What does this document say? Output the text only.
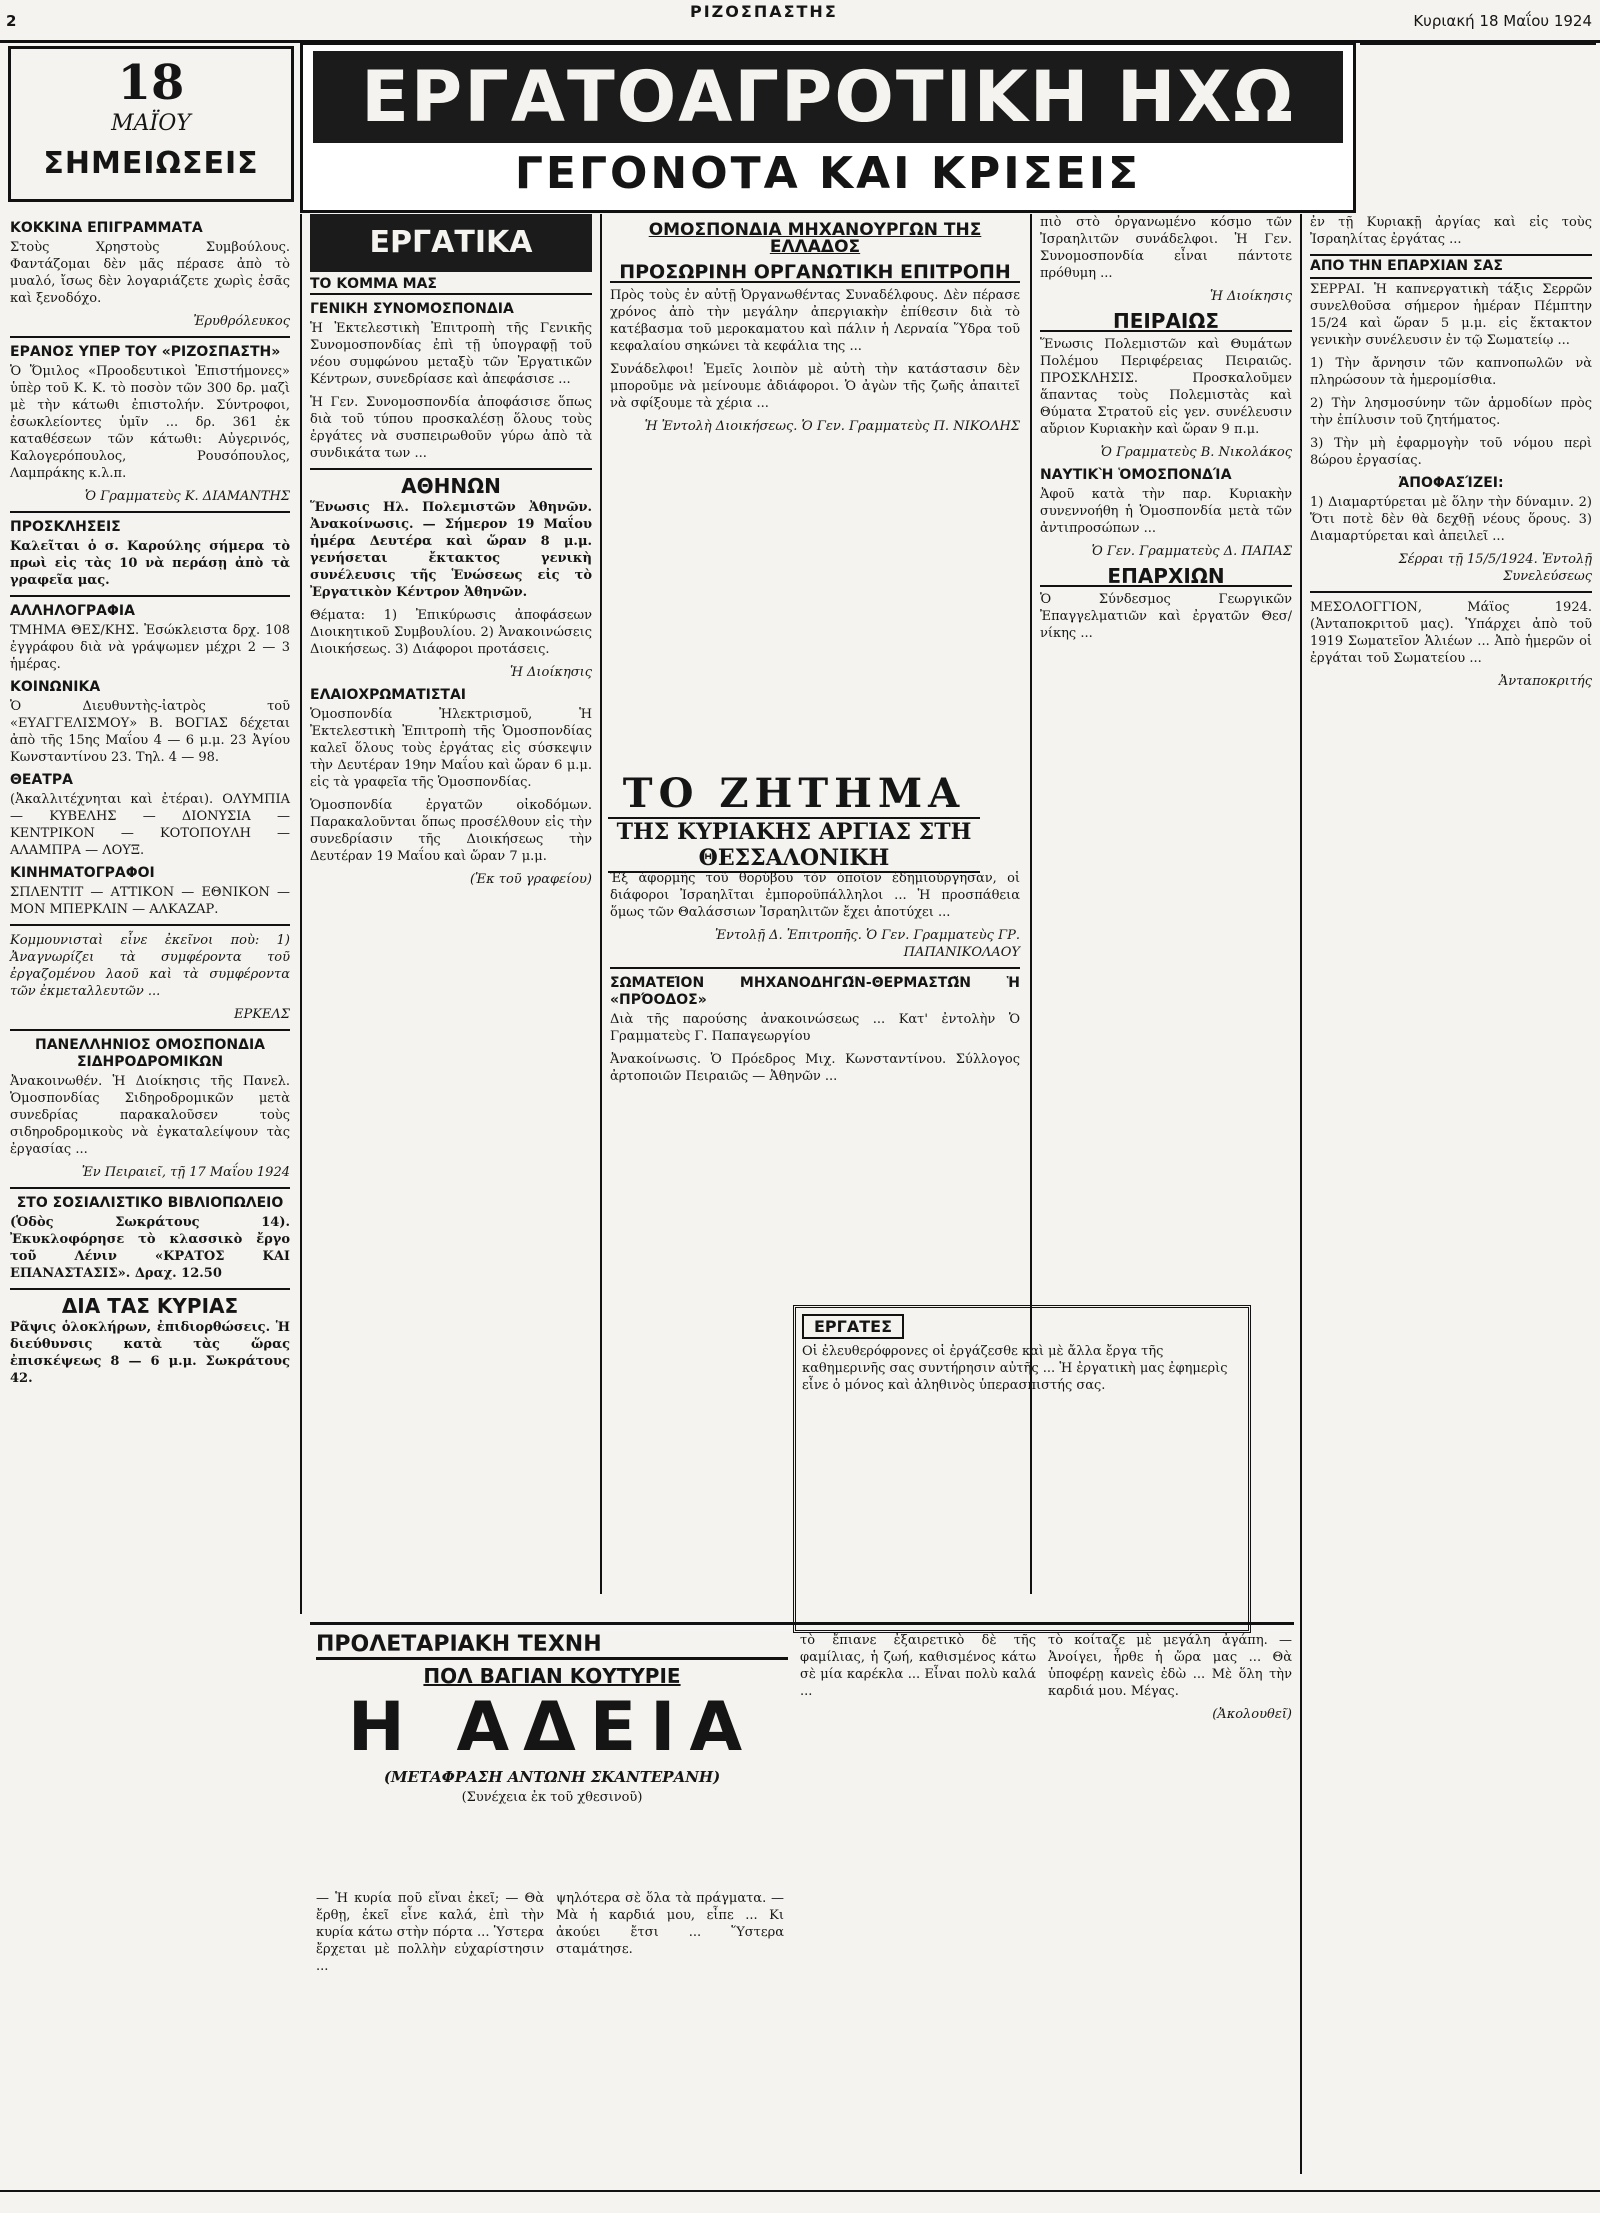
2	ΡΙΖΟΣΠΑΣΤΗΣ	Κυριακή 18 Μαΐου 1924
18
ΜΑΪΟΥ
ΣΗΜΕΙΩΣΕΙΣ
ΕΡΓΑΤΟΑΓΡΟΤΙΚΗ ΗΧΩ
ΓΕΓΟΝΟΤΑ ΚΑΙ ΚΡΙΣΕΙΣ
ΚΟΚΚΙΝΑ ΕΠΙΓΡΑΜΜΑΤΑ

Στοὺς Χρηστοὺς Συμβούλους. Φαντάζομαι δὲν μᾶς πέρασε ἀπὸ τὸ μυαλό, ἴσως δὲν λογαριάζετε χωρὶς ἐσᾶς καὶ ξενοδόχο.

Ἐρυθρόλευκος
ΕΡΑΝΟΣ ΥΠΕΡ ΤΟΥ «ΡΙΖΟΣΠΑΣΤΗ»

Ὁ Ὅμιλος «Προοδευτικοὶ Ἐπιστήμονες» ὑπὲρ τοῦ Κ. Κ. τὸ ποσὸν τῶν 300 δρ. μαζὶ μὲ τὴν κάτωθι ἐπιστολήν. Σύντροφοι, ἐσωκλείοντες ὑμῖν ... δρ. 361 ἐκ καταθέσεων τῶν κάτωθι: Αὐγερινός, Καλογερόπουλος, Ρουσόπουλος, Λαμπράκης κ.λ.π.

Ὁ Γραμματεὺς Κ. ΔΙΑΜΑΝΤΗΣ
ΠΡΟΣΚΛΗΣΕΙΣ

Καλεῖται ὁ σ. Καρούλης σήμερα τὸ πρωὶ εἰς τὰς 10 νὰ περάσῃ ἀπὸ τὰ γραφεῖα μας.

ΑΛΛΗΛΟΓΡΑΦΙΑ

ΤΜΗΜΑ ΘΕΣ/ΚΗΣ. Ἐσώκλειστα δρχ. 108 ἐγγράφου διὰ νὰ γράψωμεν μέχρι 2 — 3 ἡμέρας.

ΚΟΙΝΩΝΙΚΑ

Ὁ Διευθυντὴς-ἰατρὸς τοῦ «ΕΥΑΓΓΕΛΙΣΜΟΥ» Β. ΒΟΓΙΑΣ δέχεται ἀπὸ τῆς 15ης Μαΐου 4 — 6 μ.μ. 23 Ἀγίου Κωνσταντίνου 23. Τηλ. 4 — 98.

ΘΕΑΤΡΑ

(Ἀκαλλιτέχνηται καὶ ἐτέραι). ΟΛΥΜΠΙΑ — ΚΥΒΕΛΗΣ — ΔΙΟΝΥΣΙΑ — ΚΕΝΤΡΙΚΟΝ — ΚΟΤΟΠΟΥΛΗ — ΑΛΑΜΠΡΑ — ΛΟΥΞ.

ΚΙΝΗΜΑΤΟΓΡΑΦΟΙ

ΣΠΛΕΝΤΙΤ — ΑΤΤΙΚΟΝ — ΕΘΝΙΚΟΝ — ΜΟΝ ΜΠΕΡΚΛΙΝ — ΑΛΚΑΖΑΡ.

Κομμουνισταὶ εἶνε ἐκεῖνοι ποὺ: 1) Ἀναγνωρίζει τὰ συμφέροντα τοῦ ἐργαζομένου λαοῦ καὶ τὰ συμφέροντα τῶν ἐκμεταλλευτῶν ...

ΕΡΚΕΛΣ
ΠΑΝΕΛΛΗΝΙΟΣ ΟΜΟΣΠΟΝΔΙΑ ΣΙΔΗΡΟΔΡΟΜΙΚΩΝ

Ἀνακοινωθέν. Ἡ Διοίκησις τῆς Πανελ. Ὁμοσπονδίας Σιδηροδρομικῶν μετὰ συνεδρίας παρακαλοῦσεν τοὺς σιδηροδρομικοὺς νὰ ἐγκαταλείψουν τὰς ἐργασίας ...

Ἐν Πειραιεῖ, τῇ 17 Μαΐου 1924
ΣΤΟ ΣΟΣΙΑΛΙΣΤΙΚΟ ΒΙΒΛΙΟΠΩΛΕΙΟ

(Ὁδὸς Σωκράτους 14). Ἐκυκλοφόρησε τὸ κλασσικὸ ἔργο τοῦ Λένιν «ΚΡΑΤΟΣ ΚΑΙ ΕΠΑΝΑΣΤΑΣΙΣ». Δραχ. 12.50

ΔΙΑ ΤΑΣ ΚΥΡΙΑΣ

Ρᾶψις ὁλοκλήρων, ἐπιδιορθώσεις. Ἡ διεύθυνσις κατὰ τὰς ὥρας ἐπισκέψεως 8 — 6 μ.μ. Σωκράτους 42.

ΕΡΓΑΤΙΚΑ
ΤΟ ΚΟΜΜΑ ΜΑΣ
ΓΕΝΙΚΗ ΣΥΝΟΜΟΣΠΟΝΔΙΑ

Ἡ Ἐκτελεστικὴ Ἐπιτροπὴ τῆς Γενικῆς Συνομοσπονδίας ἐπὶ τῇ ὑπογραφῇ τοῦ νέου συμφώνου μεταξὺ τῶν Ἐργατικῶν Κέντρων, συνεδρίασε καὶ ἀπεφάσισε ...

Ἡ Γεν. Συνομοσπονδία ἀποφάσισε ὅπως διὰ τοῦ τύπου προσκαλέσῃ ὅλους τοὺς ἐργάτες νὰ συσπειρωθοῦν γύρω ἀπὸ τὰ συνδικάτα των ...

ΑΘΗΝΩΝ

Ἕνωσις Ηλ. Πολεμιστῶν Ἀθηνῶν. Ἀνακοίνωσις. — Σήμερον 19 Μαΐου ἡμέρα Δευτέρα καὶ ὥραν 8 μ.μ. γενήσεται ἔκτακτος γενικὴ συνέλευσις τῆς Ἑνώσεως εἰς τὸ Ἐργατικὸν Κέντρον Ἀθηνῶν.

Θέματα: 1) Ἐπικύρωσις ἀποφάσεων Διοικητικοῦ Συμβουλίου. 2) Ἀνακοινώσεις Διοικήσεως. 3) Διάφοροι προτάσεις.

Ἡ Διοίκησις
ΕΛΑΙΟΧΡΩΜΑΤΙΣΤΑΙ

Ὁμοσπονδία Ἠλεκτρισμοῦ, Ἡ Ἐκτελεστικὴ Ἐπιτροπὴ τῆς Ὁμοσπονδίας καλεῖ ὅλους τοὺς ἐργάτας εἰς σύσκεψιν τὴν Δευτέραν 19ην Μαΐου καὶ ὥραν 6 μ.μ. εἰς τὰ γραφεῖα τῆς Ὁμοσπονδίας.

Ὁμοσπονδία ἐργατῶν οἰκοδόμων. Παρακαλοῦνται ὅπως προσέλθουν εἰς τὴν συνεδρίασιν τῆς Διοικήσεως τὴν Δευτέραν 19 Μαΐου καὶ ὥραν 7 μ.μ.

(Ἐκ τοῦ γραφείου)
ΟΜΟΣΠΟΝΔΙΑ ΜΗΧΑΝΟΥΡΓΩΝ ΤΗΣ ΕΛΛΑΔΟΣ
ΠΡΟΣΩΡΙΝΗ ΟΡΓΑΝΩΤΙΚΗ ΕΠΙΤΡΟΠΗ

Πρὸς τοὺς ἐν αὐτῇ Ὀργανωθέντας Συναδέλφους. Δὲν πέρασε χρόνος ἀπὸ τὴν μεγάλην ἀπεργιακὴν ἐπίθεσιν διὰ τὸ κατέβασμα τοῦ μεροκαματου καὶ πάλιν ἡ Λερναία Ὕδρα τοῦ κεφαλαίου σηκώνει τὰ κεφάλια της ...

Συνάδελφοι! Ἐμεῖς λοιπὸν μὲ αὐτὴ τὴν κατάστασιν δὲν μποροῦμε νὰ μείνουμε ἀδιάφοροι. Ὁ ἀγὼν τῆς ζωῆς ἀπαιτεῖ νὰ σφίξουμε τὰ χέρια ...

Ἡ Ἐντολὴ Διοικήσεως. Ὁ Γεν. Γραμματεὺς Π. ΝΙΚΟΛΗΣ
ΤΟ ΖΗΤΗΜΑ
ΤΗΣ ΚΥΡΙΑΚΗΣ ΑΡΓΙΑΣ ΣΤΗ ΘΕΣΣΑΛΟΝΙΚΗ

Ἐξ ἀφορμῆς τοῦ θορύβου τὸν ὁποῖον ἐδημιούργησαν, οἱ διάφοροι Ἰσραηλῖται ἐμποροϋπάλληλοι ... Ἡ προσπάθεια ὅμως τῶν Θαλάσσιων Ἰσραηλιτῶν ἔχει ἀποτύχει ...

Ἐντολῇ Δ. Ἐπιτροπῆς. Ὁ Γεν. Γραμματεὺς ΓΡ. ΠΑΠΑΝΙΚΟΛΑΟΥ
ΣΩΜΑΤΕΙ͂ΟΝ ΜΗΧΑΝΟΔΗΓΩ͂Ν-ΘΕΡΜΑΣΤΩ͂Ν Ἡ «ΠΡΌΟΔΟΣ»

Διὰ τῆς παρούσης ἀνακοινώσεως ... Κατ' ἐντολὴν Ὁ Γραμματεὺς Γ. Παπαγεωργίου

Ἀνακοίνωσις. Ὁ Πρόεδρος Μιχ. Κωνσταντίνου. Σύλλογος ἀρτοποιῶν Πειραιῶς — Ἀθηνῶν ...

πιὸ στὸ ὀργανωμένο κόσμο τῶν Ἰσραηλιτῶν συνάδελφοι. Ἡ Γεν. Συνομοσπονδία εἶναι πάντοτε πρόθυμη ...

Ἡ Διοίκησις
ΠΕΙΡΑΙΩΣ

Ἕνωσις Πολεμιστῶν καὶ Θυμάτων Πολέμου Περιφέρειας Πειραιῶς. ΠΡΟΣΚΛΗΣΙΣ. Προσκαλοῦμεν ἅπαντας τοὺς Πολεμιστὰς καὶ Θύματα Στρατοῦ εἰς γεν. συνέλευσιν αὔριον Κυριακὴν καὶ ὥραν 9 π.μ.

Ὁ Γραμματεὺς Β. Νικολάκος
ΝΑΥΤΙΚῊ ὉΜΟΣΠΟΝΔΊΑ

Ἀφοῦ κατὰ τὴν παρ. Κυριακὴν συνεννοήθη ἡ Ὁμοσπονδία μετὰ τῶν ἀντιπροσώπων ...

Ὁ Γεν. Γραμματεὺς Δ. ΠΑΠΑΣ
ΕΠΑΡΧΙΩΝ

Ὁ Σύνδεσμος Γεωργικῶν Ἐπαγγελματιῶν καὶ ἐργατῶν Θεσ/νίκης ...

ΕΡΓΑΤΕΣ

Οἱ ἐλευθερόφρονες οἱ ἐργάζεσθε καὶ μὲ ἄλλα ἔργα τῆς καθημερινῆς σας συντήρησιν αὐτῆς ... Ἡ ἐργατικὴ μας ἐφημερὶς εἶνε ὁ μόνος καὶ ἀληθινὸς ὑπερασπιστής σας.

ἐν τῇ Κυριακῇ ἀργίας καὶ εἰς τοὺς Ἰσραηλίτας ἐργάτας ...

ΑΠΟ ΤΗΝ ΕΠΑΡΧΙΑΝ ΣΑΣ

ΣΕΡΡΑΙ. Ἡ καπνεργατικὴ τάξις Σερρῶν συνελθοῦσα σήμερον ἡμέραν Πέμπτην 15/24 καὶ ὥραν 5 μ.μ. εἰς ἔκτακτον γενικὴν συνέλευσιν ἐν τῷ Σωματείῳ ...

1) Τὴν ἄρνησιν τῶν καπνοπωλῶν νὰ πληρώσουν τὰ ἡμερομίσθια.

2) Τὴν λησμοσύνην τῶν ἁρμοδίων πρὸς τὴν ἐπίλυσιν τοῦ ζητήματος.

3) Τὴν μὴ ἐφαρμογὴν τοῦ νόμου περὶ 8ώρου ἐργασίας.

ἈΠΟΦΑΣΊΖΕΙ:

1) Διαμαρτύρεται μὲ ὅλην τὴν δύναμιν. 2) Ὅτι ποτὲ δὲν θὰ δεχθῇ νέους ὅρους. 3) Διαμαρτύρεται καὶ ἀπειλεῖ ...

Σέρραι τῇ 15/5/1924. Ἐντολῇ Συνελεύσεως

ΜΕΣΟΛΟΓΓΙΟΝ, Μάϊος 1924. (Ἀνταποκριτοῦ μας). Ὑπάρχει ἀπὸ τοῦ 1919 Σωματεῖον Ἁλιέων ... Ἀπὸ ἡμερῶν οἱ ἐργάται τοῦ Σωματείου ...

Ἀνταποκριτής
ΠΡΟΛΕΤΑΡΙΑΚΗ ΤΕΧΝΗ
ΠΟΛ ΒΑΓΙΑΝ ΚΟΥΤΥΡΙΕ
Η ΑΔΕΙΑ
(ΜΕΤΑΦΡΑΣΗ ΑΝΤΩΝΗ ΣΚΑΝΤΕΡΑΝΗ)
(Συνέχεια ἐκ τοῦ χθεσινοῦ)

— Ἡ κυρία ποῦ εἴναι ἐκεῖ; — Θὰ ἔρθῃ, ἐκεῖ εἶνε καλά, ἐπὶ τὴν κυρία κάτω στὴν πόρτα ... Ὑστερα ἔρχεται μὲ πολλὴν εὐχαρίστησιν ...

ψηλότερα σὲ ὅλα τὰ πράγματα. — Μὰ ἡ καρδιά μου, εἶπε ... Κι ἀκούει ἔτσι ... Ὕστερα σταμάτησε.

τὸ ἔπιανε ἐξαιρετικὸ δὲ τῆς φαμίλιας, ἡ ζωή, καθισμένος κάτω σὲ μία καρέκλα ... Εἶναι πολὺ καλά ...

τὸ κοίταζε μὲ μεγάλη ἀγάπη. — Ἀνοίγει, ἦρθε ἡ ὥρα μας ... Θὰ ὑποφέρῃ κανεὶς ἐδὼ ... Μὲ ὅλη τὴν καρδιά μου. Μέγας.

(Ἀκολουθεῖ)
